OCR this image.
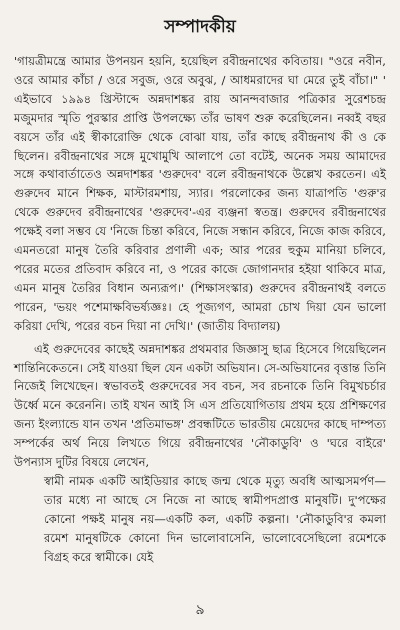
সম্পাদকীয়

'গায়ত্রীমন্ত্রে আমার উপনয়ন হয়নি, হয়েছিল রবীন্দ্রনাথের কবিতায়। "ওরে নবীন, ওরে আমার কাঁচা / ওরে সবুজ, ওরে অবুঝ, / আধমরাদের ঘা মেরে তুই বাঁচা।" ' এইভাবে ১৯৯৪ খ্রিস্টাব্দে অন্নদাশঙ্কর রায় আনন্দবাজার পত্রিকার সুরেশচন্দ্র মজুমদার স্মৃতি পুরস্কার প্রাপ্তি উপলক্ষ্যে তাঁর ভাষণ শুরু করেছিলেন। নব্বই বছর বয়সে তাঁর এই স্বীকারোক্তি থেকে বোঝা যায়, তাঁর কাছে রবীন্দ্রনাথ কী ও কে ছিলেন। রবীন্দ্রনাথের সঙ্গে মুখোমুখি আলাপে তো বটেই, অনেক সময় আমাদের সঙ্গে কথাবার্তাতেও অন্নদাশঙ্কর 'গুরুদেব' বলে রবীন্দ্রনাথকে উল্লেখ করতেন। এই গুরুদেব মানে শিক্ষক, মাস্টারমশায়, স্যার। পরলোকের জন্য যাত্রাপতি 'গুরু'র থেকে গুরুদেব রবীন্দ্রনাথের 'গুরুদেব'-এর ব্যঞ্জনা স্বতন্ত্র। গুরুদেব রবীন্দ্রনাথের পক্ষেই বলা সম্ভব যে 'নিজে চিন্তা করিবে, নিজে সন্ধান করিবে, নিজে কাজ করিবে, এমনতরো মানুষ তৈরি করিবার প্রণালী এক; আর পরের হুকুম মানিয়া চলিবে, পরের মতের প্রতিবাদ করিবে না, ও পরের কাজে জোগানদার হইয়া থাকিবে মাত্র, এমন মানুষ তৈরির বিধান অন্যরূপ।' (শিক্ষাসংস্কার) গুরুদেব রবীন্দ্রনাথই বলতে পারেন, 'ভয়ং পশেমাক্ষবিভর্ষ্যজ্ঞঃ। হে পূজ্যগণ, আমরা চোখ দিয়া যেন ভালো করিয়া দেখি, পরের বচন দিয়া না দেখি।' (জাতীয় বিদ্যালয়)

এই গুরুদেবের কাছেই অন্নদাশঙ্কর প্রথমবার জিজ্ঞাসু ছাত্র হিসেবে গিয়েছিলেন শান্তিনিকেতনে। সেই যাওয়া ছিল যেন একটা অভিযান। সে-অভিযানের বৃত্তান্ত তিনি নিজেই লিখেছেন। স্বভাবতই গুরুদেবের সব বচন, সব রচনাকে তিনি বিমুখচর্চার উর্ধ্বে মনে করেননি। তাই যখন আই সি এস প্রতিযোগিতায় প্রথম হয়ে প্রশিক্ষণের জন্য ইংল্যান্ডে যান তখন 'প্রতিমাভঙ্গ' প্রবন্ধটিতে ভারতীয় মেয়েদের কাছে দাম্পত্য সম্পর্কের অর্থ নিয়ে লিখতে গিয়ে রবীন্দ্রনাথের 'নৌকাডুবি' ও 'ঘরে বাইরে' উপন্যাস দুটির বিষয়ে লেখেন,

স্বামী নামক একটি আইডিয়ার কাছে জন্ম থেকে মৃত্যু অবধি আত্মসমর্পণ—তার মধ্যে না আছে সে নিজে না আছে স্বামীপদপ্রাপ্ত মানুষটি। দু'পক্ষের কোনো পক্ষই মানুষ নয়—একটি কল, একটি কল্পনা। 'নৌকাডুবি'র কমলা রমেশ মানুষটিকে কোনো দিন ভালোবাসেনি, ভালোবেসেছিলো রমেশকে বিগ্রহ করে স্বামীকে। যেই

৯
